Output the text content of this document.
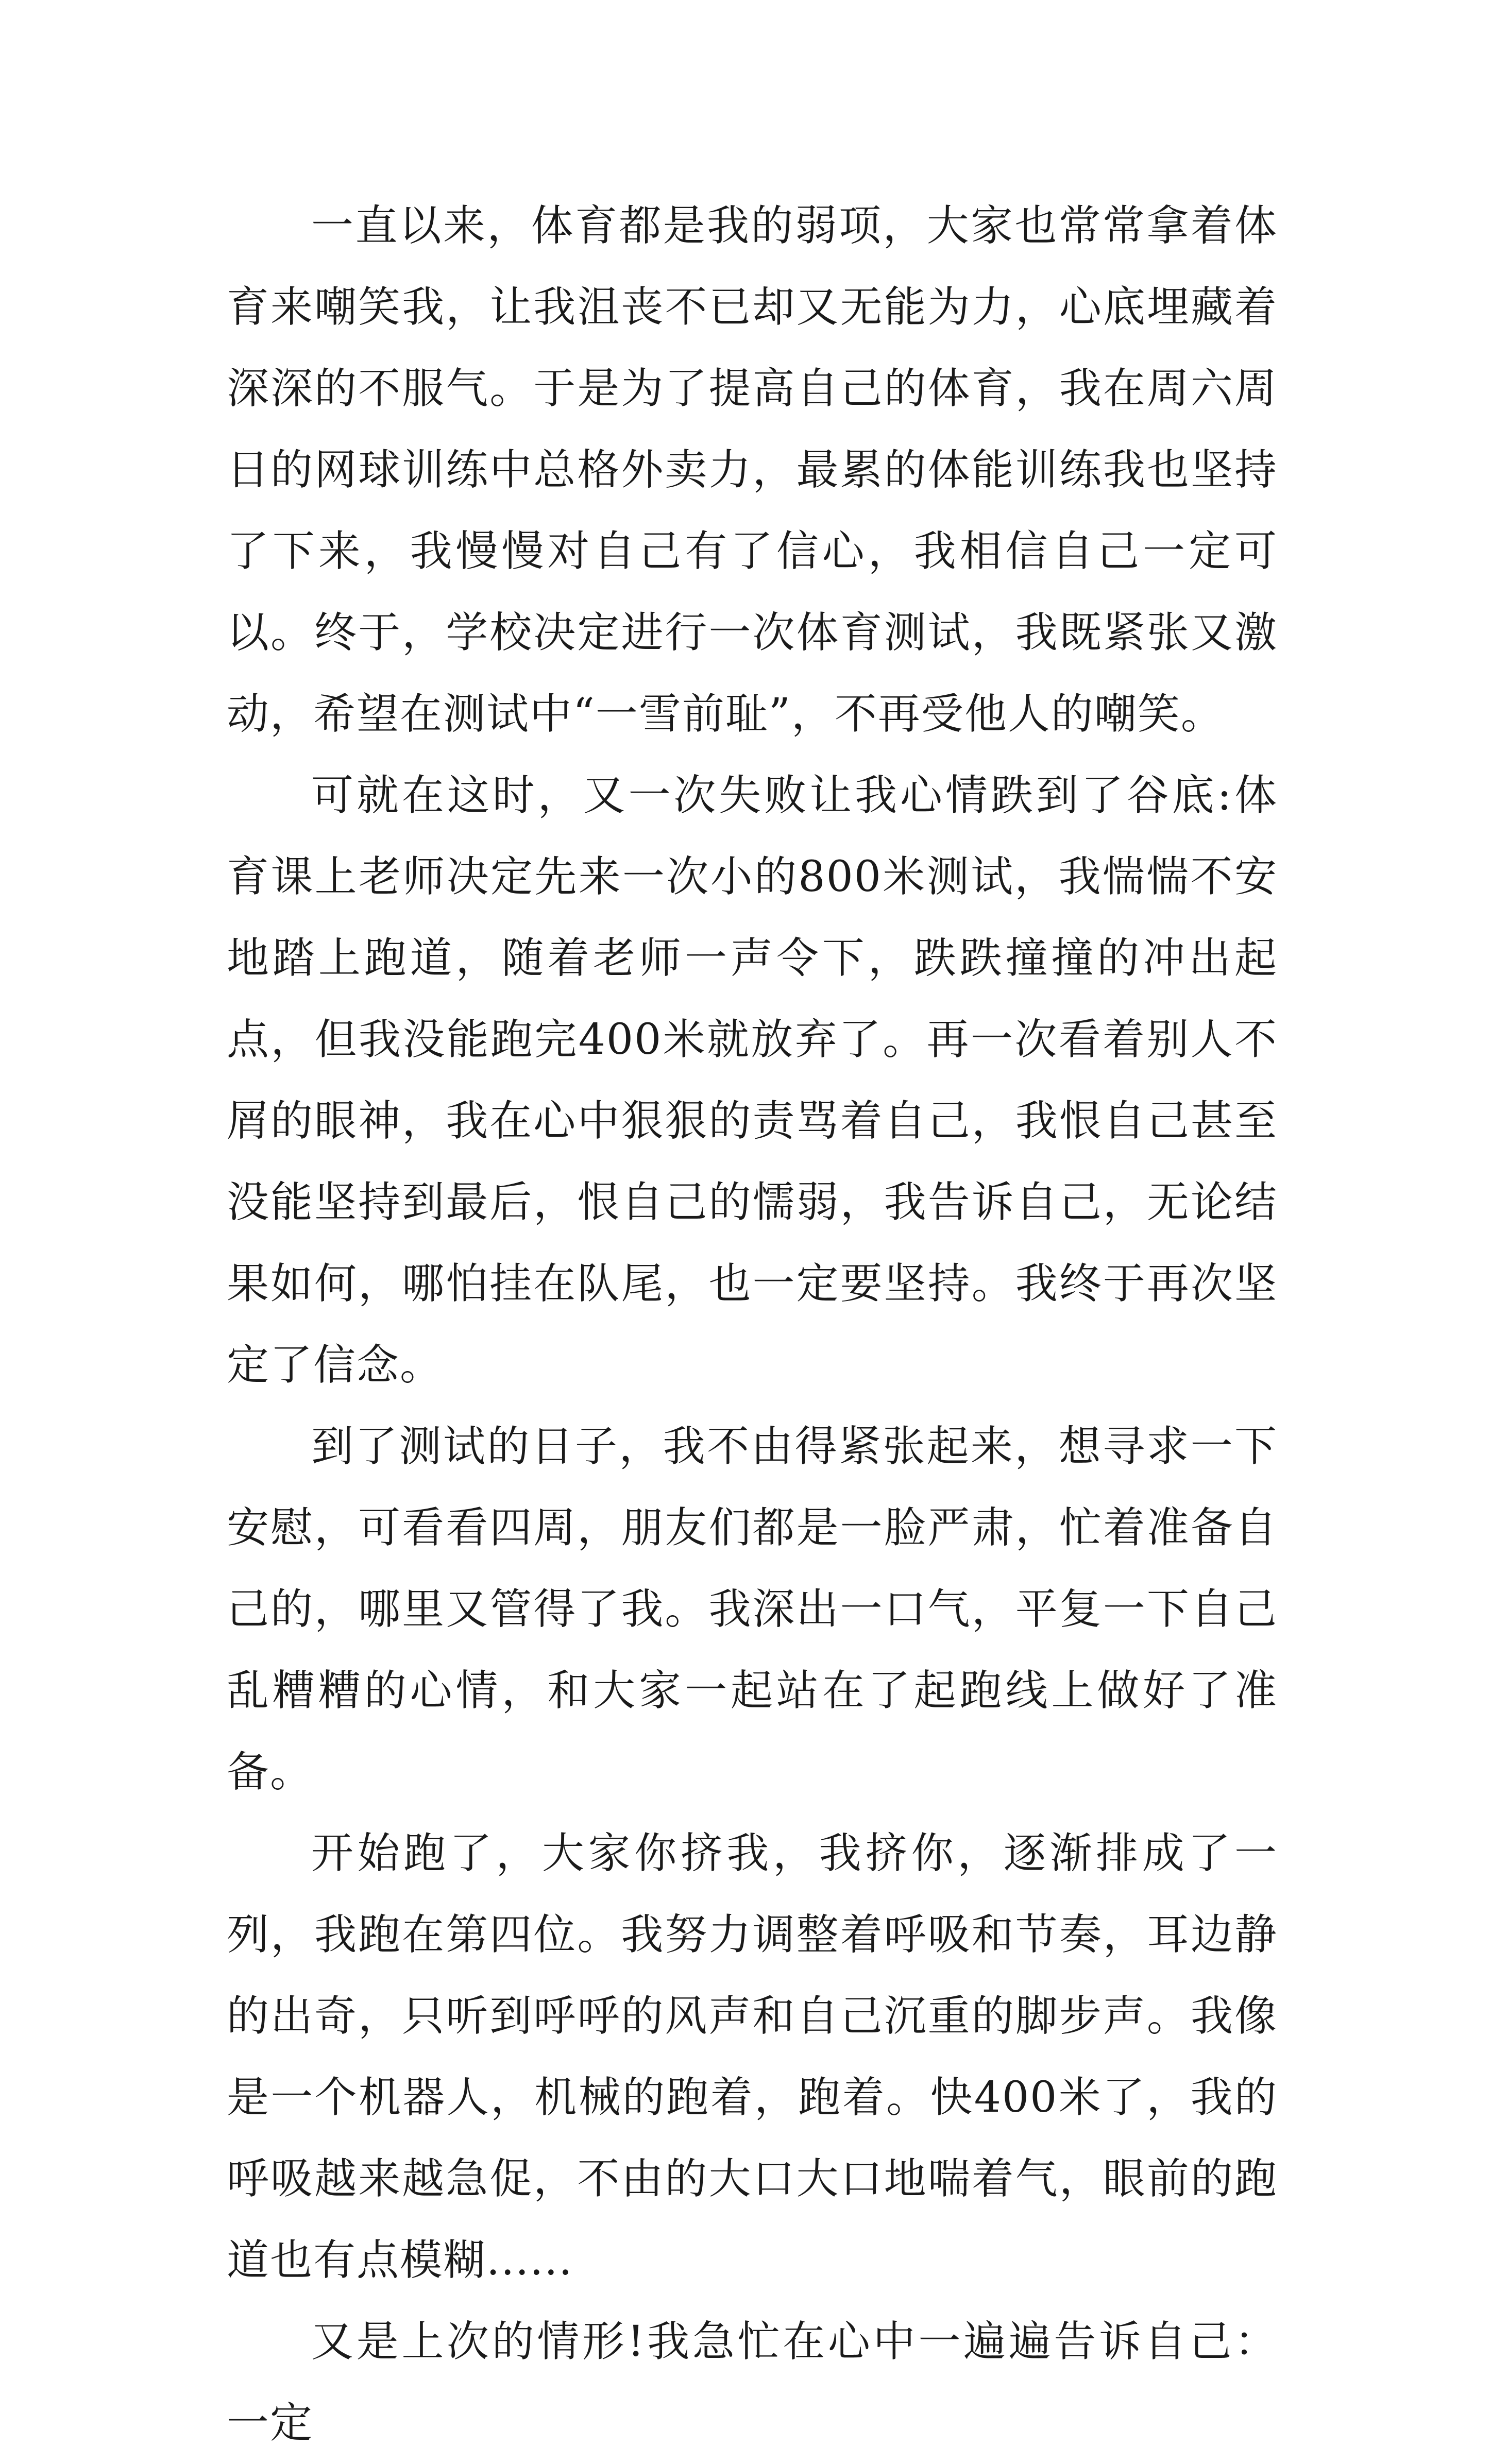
一直以来，体育都是我的弱项，大家也常常拿着体育来嘲笑我，让我沮丧不已却又无能为力，心底埋藏着深深的不服气。于是为了提高自己的体育，我在周六周日的网球训练中总格外卖力，最累的体能训练我也坚持了下来，我慢慢对自己有了信心，我相信自己一定可以。终于，学校决定进行一次体育测试，我既紧张又激动，希望在测试中“一雪前耻”，不再受他人的嘲笑。

可就在这时，又一次失败让我心情跌到了谷底:体育课上老师决定先来一次小的800米测试，我惴惴不安地踏上跑道，随着老师一声令下，跌跌撞撞的冲出起点，但我没能跑完400米就放弃了。再一次看着别人不屑的眼神，我在心中狠狠的责骂着自己，我恨自己甚至没能坚持到最后，恨自己的懦弱，我告诉自己，无论结果如何，哪怕挂在队尾，也一定要坚持。我终于再次坚定了信念。

到了测试的日子，我不由得紧张起来，想寻求一下安慰，可看看四周，朋友们都是一脸严肃，忙着准备自己的，哪里又管得了我。我深出一口气，平复一下自己乱糟糟的心情，和大家一起站在了起跑线上做好了准备。

开始跑了，大家你挤我，我挤你，逐渐排成了一列，我跑在第四位。我努力调整着呼吸和节奏，耳边静的出奇，只听到呼呼的风声和自己沉重的脚步声。我像是一个机器人，机械的跑着，跑着。快400米了，我的呼吸越来越急促，不由的大口大口地喘着气，眼前的跑道也有点模糊......

又是上次的情形!我急忙在心中一遍遍告诉自己：一定
